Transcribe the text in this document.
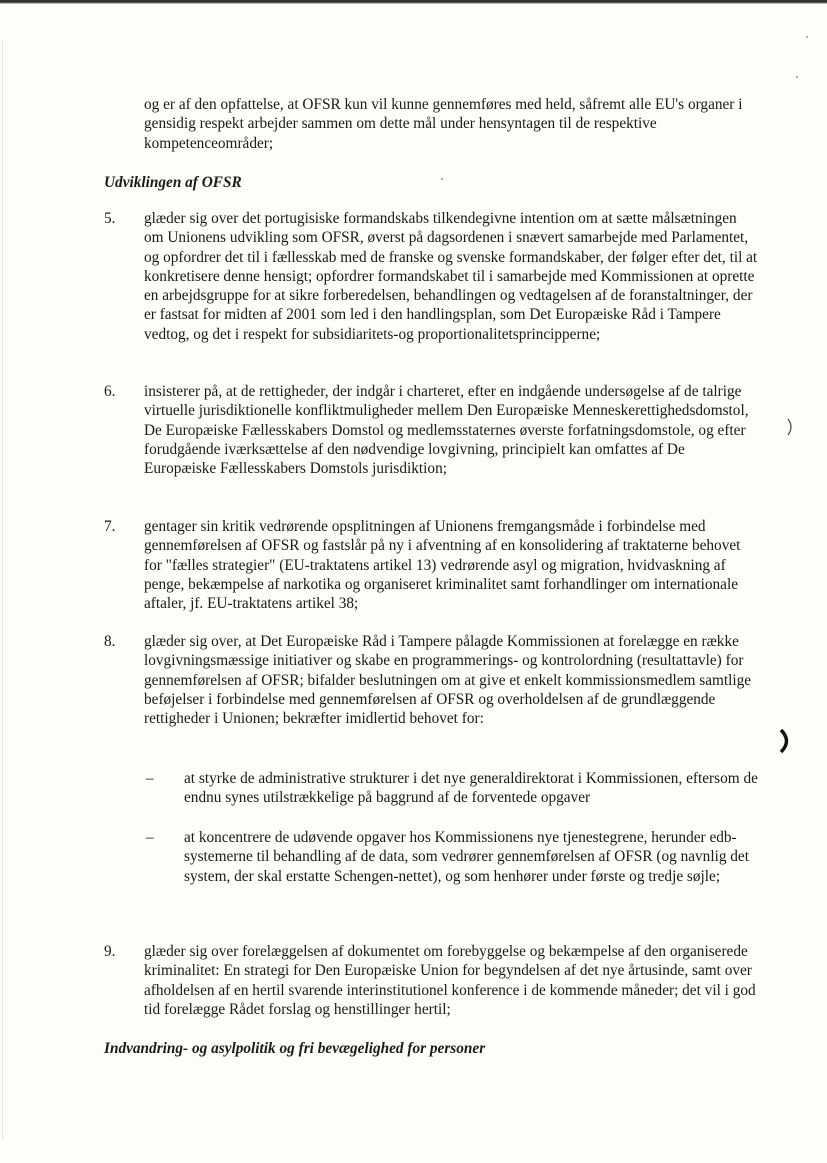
og er af den opfattelse, at OFSR kun vil kunne gennemføres med held, såfremt alle EU's organer i gensidig respekt arbejder sammen om dette mål under hensyntagen til de respektive kompetenceområder;

Udviklingen af OFSR

5.	glæder sig over det portugisiske formandskabs tilkendegivne intention om at sætte målsætningen om Unionens udvikling som OFSR, øverst på dagsordenen i snævert samarbejde med Parlamentet, og opfordrer det til i fællesskab med de franske og svenske formandskaber, der følger efter det, til at konkretisere denne hensigt; opfordrer formandskabet til i samarbejde med Kommissionen at oprette en arbejdsgruppe for at sikre forberedelsen, behandlingen og vedtagelsen af de foranstaltninger, der er fastsat for midten af 2001 som led i den handlingsplan, som Det Europæiske Råd i Tampere vedtog, og det i respekt for subsidiaritets-og proportionalitetsprincipperne;

6.	insisterer på, at de rettigheder, der indgår i charteret, efter en indgående undersøgelse af de talrige virtuelle jurisdiktionelle konfliktmuligheder mellem Den Europæiske Menneskerettighedsdomstol, De Europæiske Fællesskabers Domstol og medlemsstaternes øverste forfatningsdomstole, og efter forudgående iværksættelse af den nødvendige lovgivning, principielt kan omfattes af De Europæiske Fællesskabers Domstols jurisdiktion;

7.	gentager sin kritik vedrørende opsplitningen af Unionens fremgangsmåde i forbindelse med gennemførelsen af OFSR og fastslår på ny i afventning af en konsolidering af traktaterne behovet for "fælles strategier" (EU-traktatens artikel 13) vedrørende asyl og migration, hvidvaskning af penge, bekæmpelse af narkotika og organiseret kriminalitet samt forhandlinger om internationale aftaler, jf. EU-traktatens artikel 38;

8.	glæder sig over, at Det Europæiske Råd i Tampere pålagde Kommissionen at forelægge en række lovgivningsmæssige initiativer og skabe en programmerings- og kontrolordning (resultattavle) for gennemførelsen af OFSR; bifalder beslutningen om at give et enkelt kommissionsmedlem samtlige beføjelser i forbindelse med gennemførelsen af OFSR og overholdelsen af de grundlæggende rettigheder i Unionen; bekræfter imidlertid behovet for:

– at styrke de administrative strukturer i det nye generaldirektorat i Kommissionen, eftersom de endnu synes utilstrækkelige på baggrund af de forventede opgaver

– at koncentrere de udøvende opgaver hos Kommissionens nye tjenestegrene, herunder edb-systemerne til behandling af de data, som vedrører gennemførelsen af OFSR (og navnlig det system, der skal erstatte Schengen-nettet), og som henhører under første og tredje søjle;

9.	glæder sig over forelæggelsen af dokumentet om forebyggelse og bekæmpelse af den organiserede kriminalitet: En strategi for Den Europæiske Union for begyndelsen af det nye årtusinde, samt over afholdelsen af en hertil svarende interinstitutionel konference i de kommende måneder; det vil i god tid forelægge Rådet forslag og henstillinger hertil;

Indvandring- og asylpolitik og fri bevægelighed for personer
